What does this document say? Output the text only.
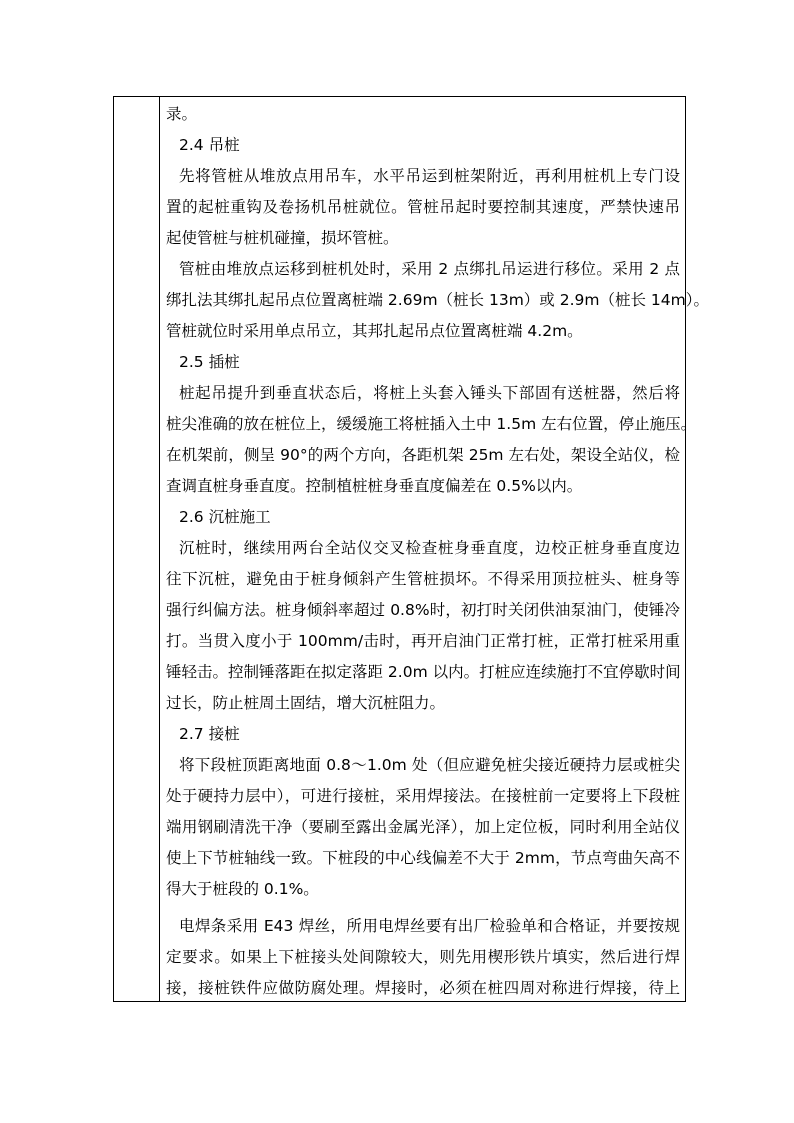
录。
2.4 吊桩
先将管桩从堆放点用吊车，水平吊运到桩架附近，再利用桩机上专门设
置的起桩重钩及卷扬机吊桩就位。管桩吊起时要控制其速度，严禁快速吊
起使管桩与桩机碰撞，损坏管桩。
管桩由堆放点运移到桩机处时，采用 2 点绑扎吊运进行移位。采用 2 点
绑扎法其绑扎起吊点位置离桩端 2.69m（桩长 13m）或 2.9m（桩长 14m）。
管桩就位时采用单点吊立，其邦扎起吊点位置离桩端 4.2m。
2.5 插桩
桩起吊提升到垂直状态后，将桩上头套入锤头下部固有送桩器，然后将
桩尖准确的放在桩位上，缓缓施工将桩插入土中 1.5m 左右位置，停止施压。
在机架前，侧呈 90°的两个方向，各距机架 25m 左右处，架设全站仪，检
查调直桩身垂直度。控制植桩桩身垂直度偏差在 0.5%以内。
2.6 沉桩施工
沉桩时，继续用两台全站仪交叉检查桩身垂直度，边校正桩身垂直度边
往下沉桩，避免由于桩身倾斜产生管桩损坏。不得采用顶拉桩头、桩身等
强行纠偏方法。桩身倾斜率超过 0.8%时，初打时关闭供油泵油门，使锤冷
打。当贯入度小于 100mm/击时，再开启油门正常打桩，正常打桩采用重
锤轻击。控制锤落距在拟定落距 2.0m 以内。打桩应连续施打不宜停歇时间
过长，防止桩周土固结，增大沉桩阻力。
2.7 接桩
将下段桩顶距离地面 0.8～1.0m 处（但应避免桩尖接近硬持力层或桩尖
处于硬持力层中），可进行接桩，采用焊接法。在接桩前一定要将上下段桩
端用钢刷清洗干净（要刷至露出金属光泽），加上定位板，同时利用全站仪
使上下节桩轴线一致。下桩段的中心线偏差不大于 2mm，节点弯曲矢高不
得大于桩段的 0.1%。
电焊条采用 E43 焊丝，所用电焊丝要有出厂检验单和合格证，并要按规
定要求。如果上下桩接头处间隙较大，则先用楔形铁片填实，然后进行焊
接，接桩铁件应做防腐处理。焊接时，必须在桩四周对称进行焊接，待上
